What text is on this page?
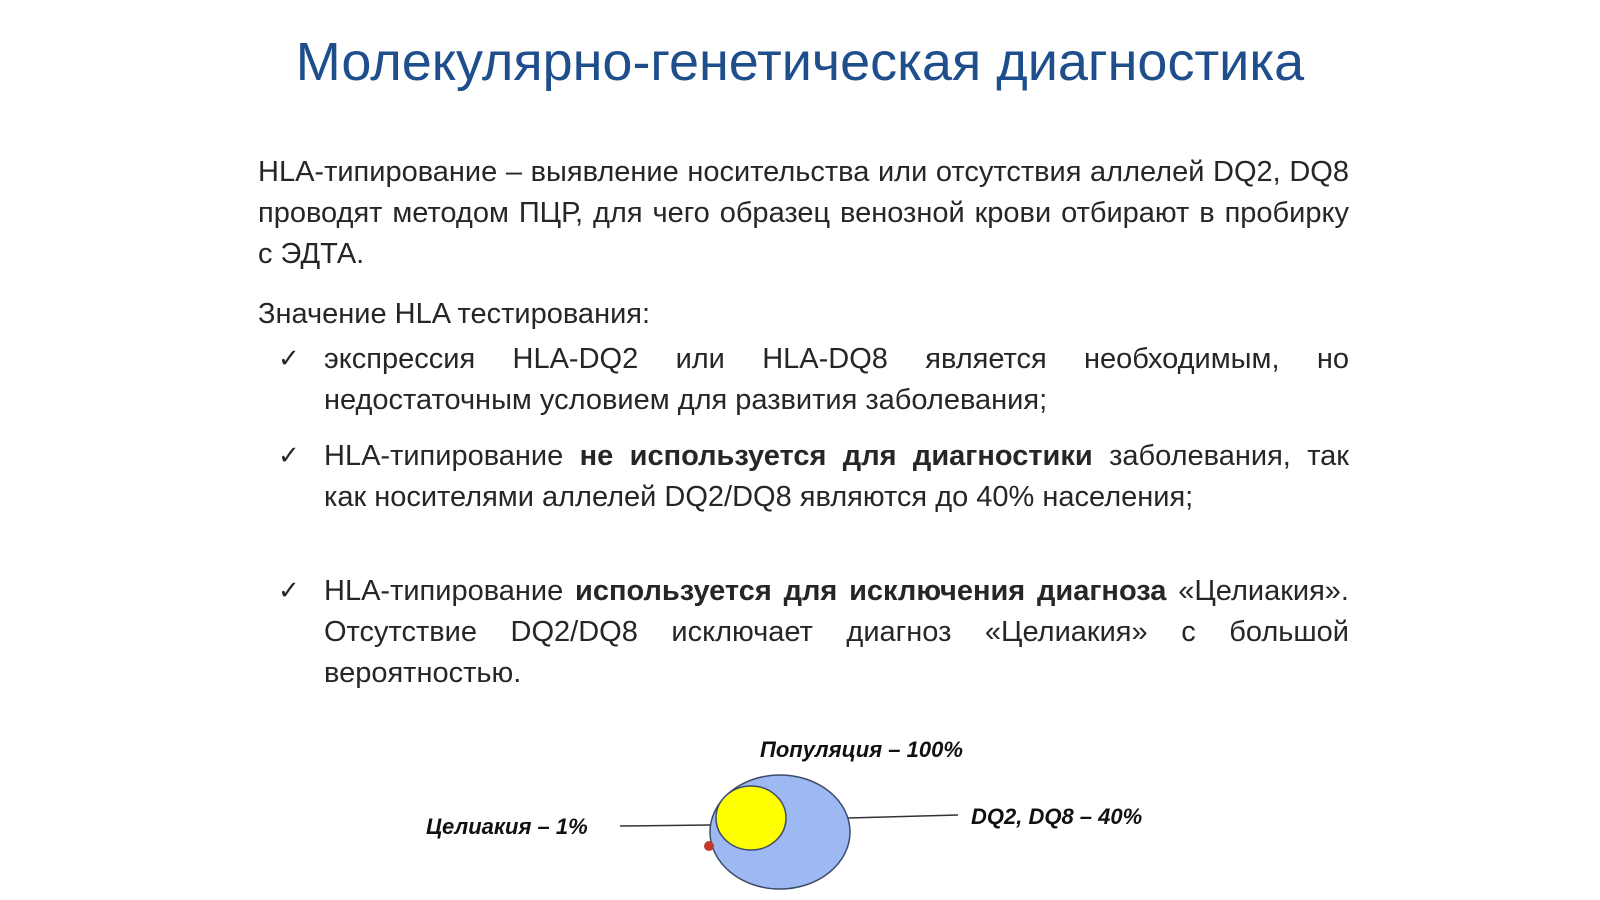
Молекулярно-генетическая диагностика
HLA-типирование – выявление носительства или отсутствия аллелей DQ2, DQ8 проводят методом ПЦР, для чего образец венозной крови отбирают в пробирку с ЭДТА.
Значение HLA тестирования:
✓ экспрессия HLA-DQ2 или HLA-DQ8 является необходимым, но недостаточным условием для развития заболевания;
✓ HLA-типирование не используется для диагностики заболевания, так как носителями аллелей DQ2/DQ8 являются до 40% населения;
✓ HLA-типирование используется для исключения диагноза «Целиакия». Отсутствие DQ2/DQ8 исключает диагноз «Целиакия» с большой вероятностью.
Популяция – 100%
DQ2, DQ8 – 40%
Целиакия – 1%
